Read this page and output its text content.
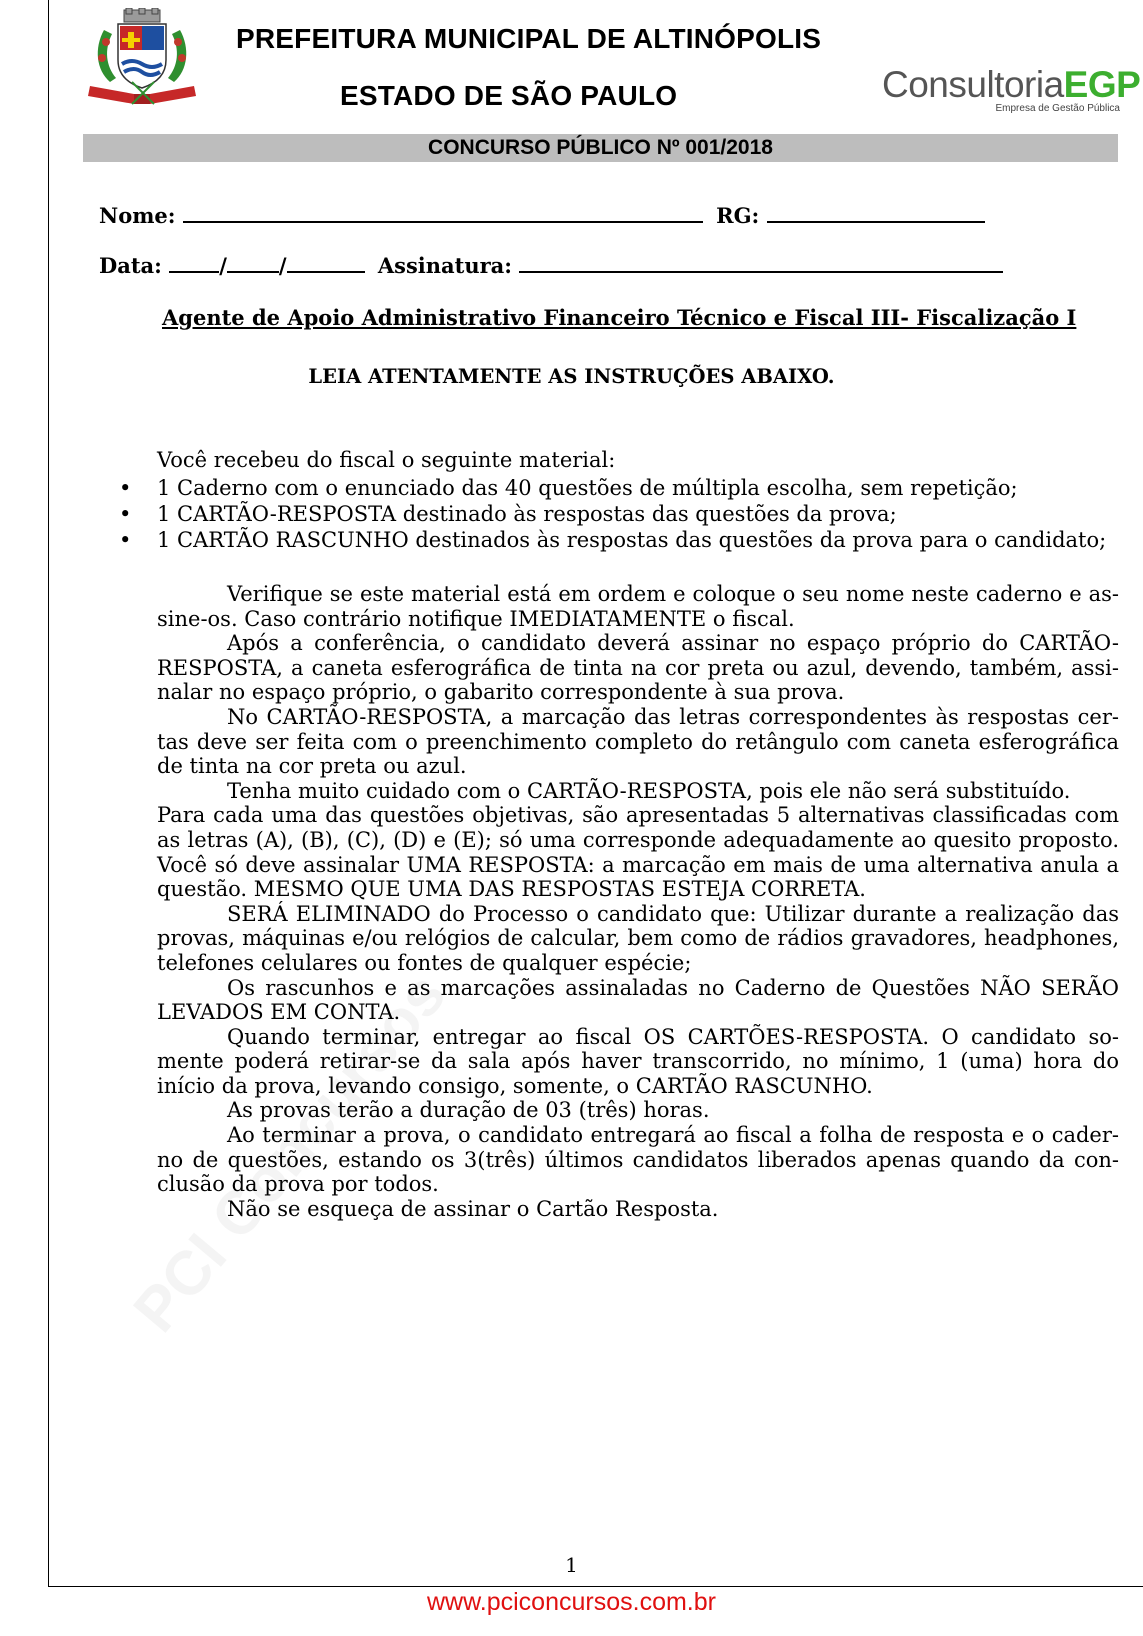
PREFEITURA MUNICIPAL DE ALTINÓPOLIS
ESTADO DE SÃO PAULO	ConsultoriaEGP
Empresa de Gestão Pública
CONCURSO PÚBLICO Nº 001/2018
Nome:	RG:
Data:	/ /	Assinatura:
Agente de Apoio Administrativo Financeiro Técnico e Fiscal III- Fiscalização I
LEIA ATENTAMENTE AS INSTRUÇÕES ABAIXO.
Você recebeu do fiscal o seguinte material:
• 1 Caderno com o enunciado das 40 questões de múltipla escolha, sem repetição;
• 1 CARTÃO-RESPOSTA destinado às respostas das questões da prova;
• 1 CARTÃO RASCUNHO destinados às respostas das questões da prova para o candidato;

Verifique se este material está em ordem e coloque o seu nome neste caderno e assine-os. Caso contrário notifique IMEDIATAMENTE o fiscal.

Após a conferência, o candidato deverá assinar no espaço próprio do CARTÃO-RESPOSTA, a caneta esferográfica de tinta na cor preta ou azul, devendo, também, assinalar no espaço próprio, o gabarito correspondente à sua prova.

No CARTÃO-RESPOSTA, a marcação das letras correspondentes às respostas certas deve ser feita com o preenchimento completo do retângulo com caneta esferográfica de tinta na cor preta ou azul.

Tenha muito cuidado com o CARTÃO-RESPOSTA, pois ele não será substituído.

Para cada uma das questões objetivas, são apresentadas 5 alternativas classificadas com as letras (A), (B), (C), (D) e (E); só uma corresponde adequadamente ao quesito proposto. Você só deve assinalar UMA RESPOSTA: a marcação em mais de uma alternativa anula a questão. MESMO QUE UMA DAS RESPOSTAS ESTEJA CORRETA.

SERÁ ELIMINADO do Processo o candidato que: Utilizar durante a realização das provas, máquinas e/ou relógios de calcular, bem como de rádios gravadores, headphones, telefones celulares ou fontes de qualquer espécie;

Os rascunhos e as marcações assinaladas no Caderno de Questões NÃO SERÃO LEVADOS EM CONTA.

Quando terminar, entregar ao fiscal OS CARTÕES-RESPOSTA. O candidato somente poderá retirar-se da sala após haver transcorrido, no mínimo, 1 (uma) hora do início da prova, levando consigo, somente, o CARTÃO RASCUNHO.

As provas terão a duração de 03 (três) horas.

Ao terminar a prova, o candidato entregará ao fiscal a folha de resposta e o caderno de questões, estando os 3(três) últimos candidatos liberados apenas quando da conclusão da prova por todos.

Não se esqueça de assinar o Cartão Resposta.

1
www.pciconcursos.com.br
